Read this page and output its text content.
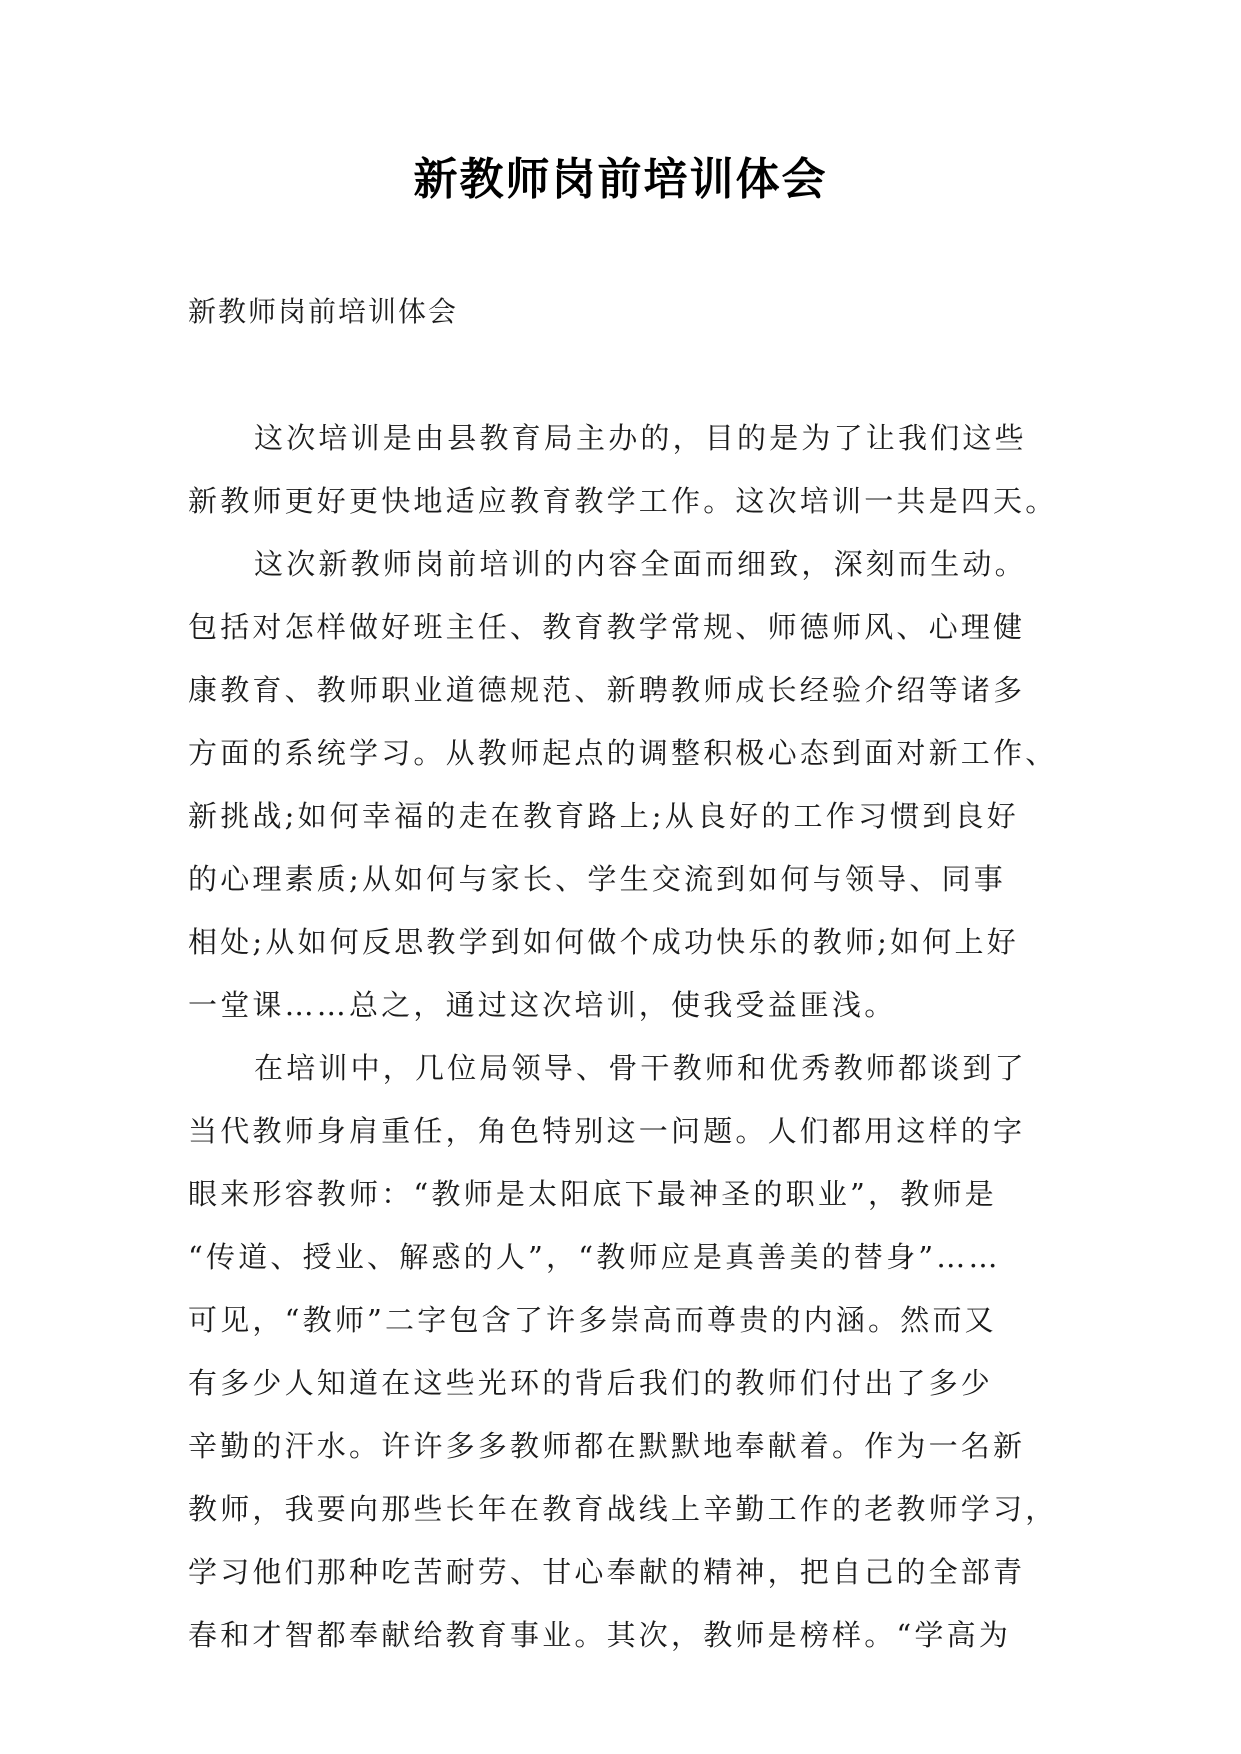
新教师岗前培训体会
新教师岗前培训体会
这次培训是由县教育局主办的，目的是为了让我们这些
新教师更好更快地适应教育教学工作。这次培训一共是四天。
这次新教师岗前培训的内容全面而细致，深刻而生动。
包括对怎样做好班主任、教育教学常规、师德师风、心理健
康教育、教师职业道德规范、新聘教师成长经验介绍等诸多
方面的系统学习。从教师起点的调整积极心态到面对新工作、
新挑战;如何幸福的走在教育路上;从良好的工作习惯到良好
的心理素质;从如何与家长、学生交流到如何与领导、同事
相处;从如何反思教学到如何做个成功快乐的教师;如何上好
一堂课……总之，通过这次培训，使我受益匪浅。
在培训中，几位局领导、骨干教师和优秀教师都谈到了
当代教师身肩重任，角色特别这一问题。人们都用这样的字
眼来形容教师：“教师是太阳底下最神圣的职业”，教师是
“传道、授业、解惑的人”，“教师应是真善美的替身”……
可见，“教师”二字包含了许多崇高而尊贵的内涵。然而又
有多少人知道在这些光环的背后我们的教师们付出了多少
辛勤的汗水。许许多多教师都在默默地奉献着。作为一名新
教师，我要向那些长年在教育战线上辛勤工作的老教师学习，
学习他们那种吃苦耐劳、甘心奉献的精神，把自己的全部青
春和才智都奉献给教育事业。其次，教师是榜样。“学高为
